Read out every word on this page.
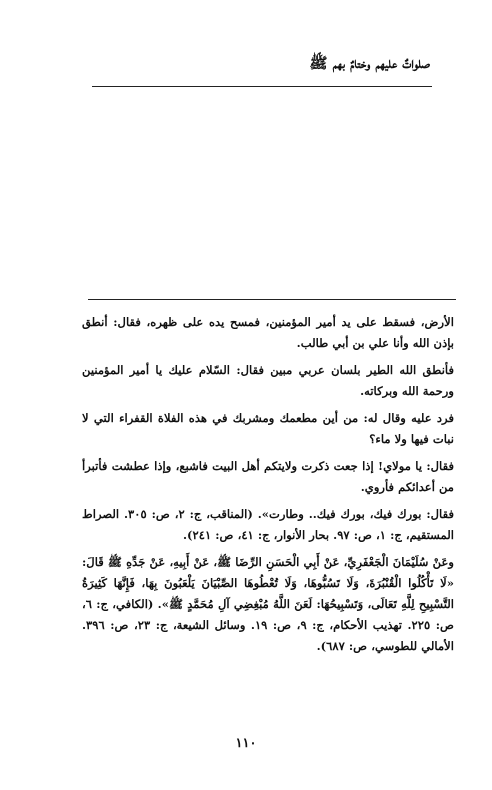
صلواتٌ عليهم وختامٌ بهم ﷺ

الأرض، فسقط على يد أمير المؤمنين، فمسح يده على ظهره، فقال: أنطق بإذن الله وأنا علي بن أبي طالب.

فأنطق الله الطير بلسان عربي مبين فقال: السّلام عليك يا أمير المؤمنين ورحمة الله وبركاته.

فرد عليه وقال له: من أين مطعمك ومشربك في هذه الفلاة القفراء التي لا نبات فيها ولا ماء؟

فقال: يا مولاي! إذا جعت ذكرت ولايتكم أهل البيت فاشبع، وإذا عطشت فأتبرأ من أعدائكم فأروي.

فقال: بورك فيك، بورك فيك.. وطارت». (المناقب، ج: ٢، ص: ٣٠٥. الصراط المستقيم، ج: ١، ص: ٩٧. بحار الأنوار، ج: ٤١، ص: ٢٤١).

وعَنْ سُلَيْمَانَ الْجَعْفَرِيِّ، عَنْ أَبِي الْحَسَنِ الرِّضَا ﷺ، عَنْ أَبِيهِ، عَنْ جَدِّهِ ﷺ قَالَ: «لَا تَأْكُلُوا الْقُنْبُرَةَ، وَلَا تَسُبُّوهَا، وَلَا تُعْطُوهَا الصِّبْيَانَ يَلْعَبُونَ بِهَا، فَإِنَّهَا كَثِيرَةُ التَّسْبِيحِ لِلَّهِ تَعَالَى، وَتَسْبِيحُهَا: لَعَنَ اللَّهُ مُبْغِضِي آلِ مُحَمَّدٍ ﷺ». (الكافي، ج: ٦، ص: ٢٢٥. تهذيب الأحكام، ج: ٩، ص: ١٩. وسائل الشيعة، ج: ٢٣، ص: ٣٩٦. الأمالي للطوسي، ص: ٦٨٧).

١١٠
